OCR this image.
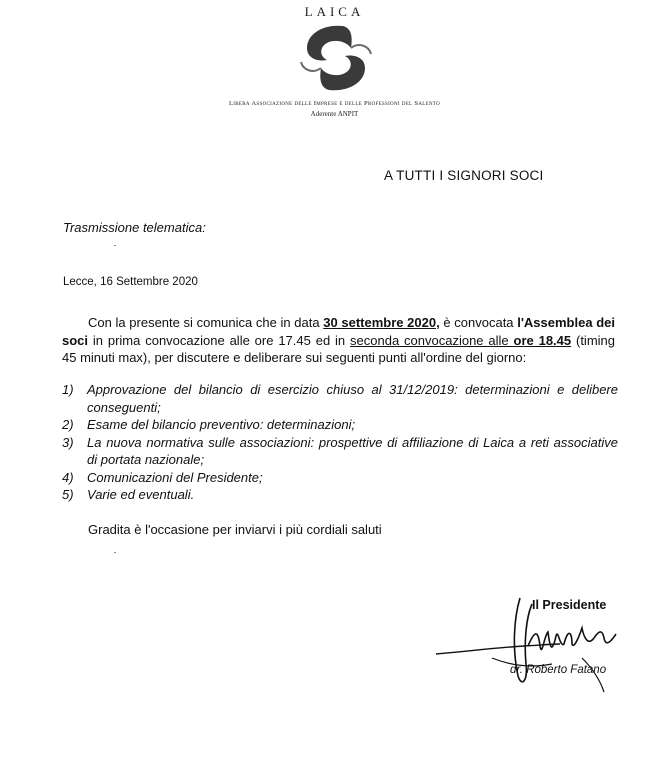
LAICA
Libera Associazione delle Imprese e delle Professioni del Salento
Aderente ANPIT
A TUTTI I SIGNORI SOCI
Trasmissione telematica:
Lecce, 16 Settembre 2020
Con la presente si comunica che in data 30 settembre 2020, è convocata l'Assemblea dei soci in prima convocazione alle ore 17.45 ed in seconda convocazione alle ore 18.45 (timing 45 minuti max), per discutere e deliberare sui seguenti punti all'ordine del giorno:
1)	Approvazione del bilancio di esercizio chiuso al 31/12/2019: determinazioni e delibere conseguenti;
2)	Esame del bilancio preventivo: determinazioni;
3)	La nuova normativa sulle associazioni: prospettive di affiliazione di Laica a reti associative di portata nazionale;
4)	Comunicazioni del Presidente;
5)	Varie ed eventuali.
Gradita è l'occasione per inviarvi i più cordiali saluti
Il Presidente
dr. Roberto Fatano
